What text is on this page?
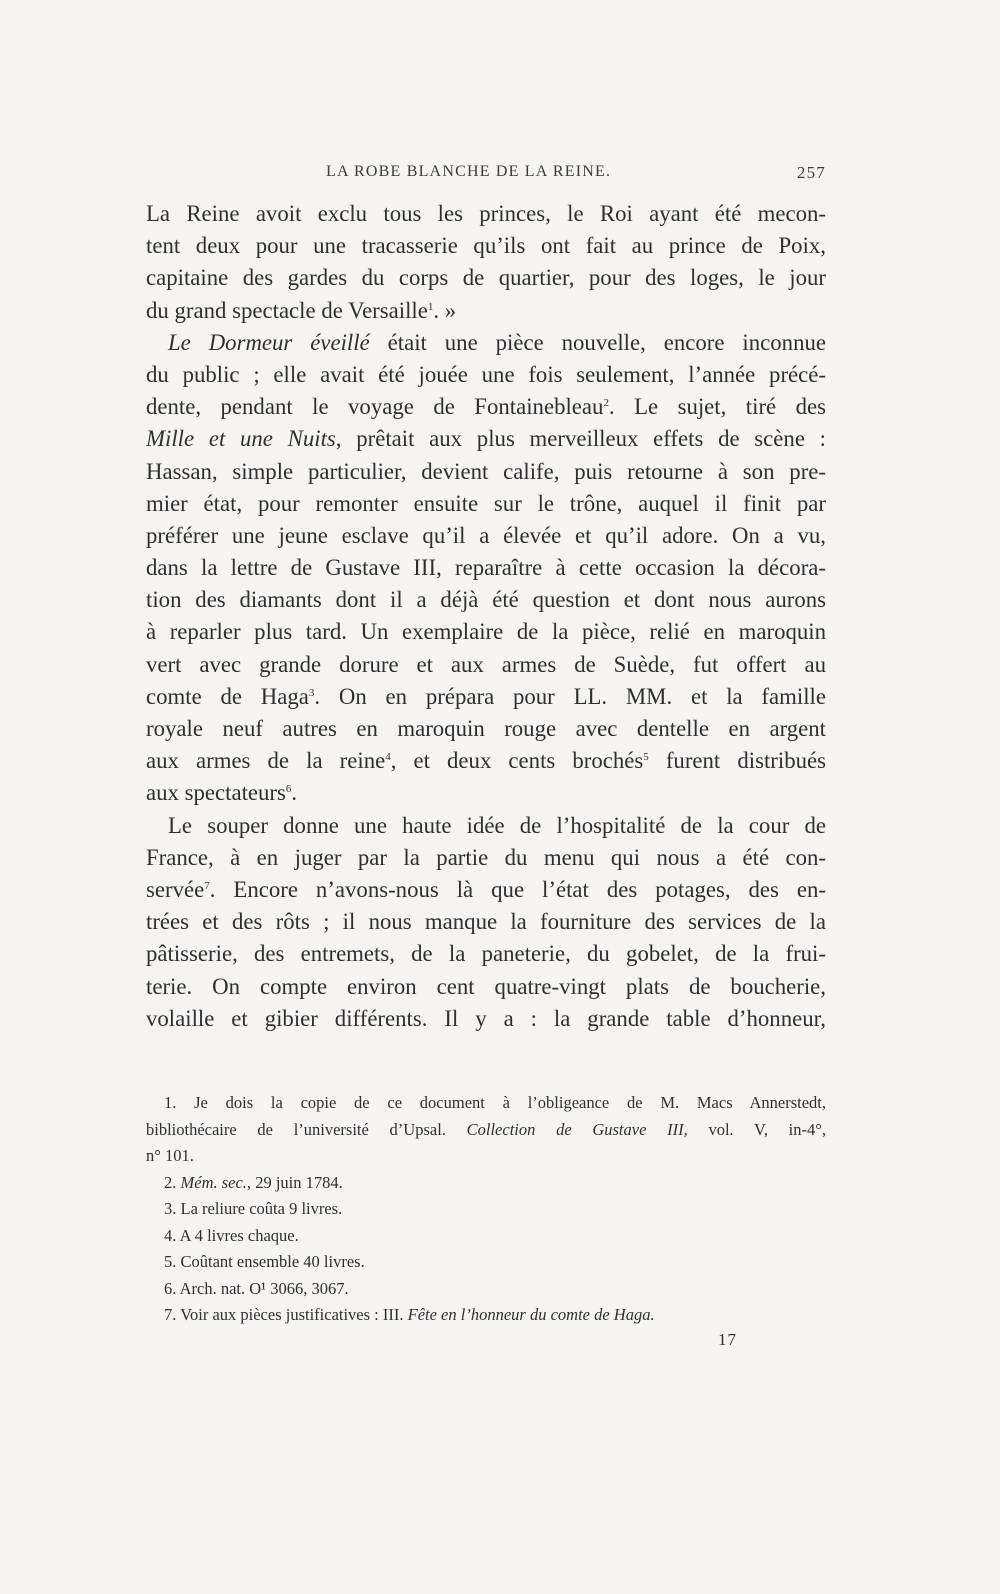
LA ROBE BLANCHE DE LA REINE.	257
La Reine avoit exclu tous les princes, le Roi ayant été mecon-
tent deux pour une tracasserie qu’ils ont fait au prince de Poix,
capitaine des gardes du corps de quartier, pour des loges, le jour
du grand spectacle de Versaille$^1$. »
Le Dormeur éveillé était une pièce nouvelle, encore inconnue
du public ; elle avait été jouée une fois seulement, l’année précé-
dente, pendant le voyage de Fontainebleau$^2$. Le sujet, tiré des
Mille et une Nuits, prêtait aux plus merveilleux effets de scène :
Hassan, simple particulier, devient calife, puis retourne à son pre-
mier état, pour remonter ensuite sur le trône, auquel il finit par
préférer une jeune esclave qu’il a élevée et qu’il adore. On a vu,
dans la lettre de Gustave III, reparaître à cette occasion la décora-
tion des diamants dont il a déjà été question et dont nous aurons
à reparler plus tard. Un exemplaire de la pièce, relié en maroquin
vert avec grande dorure et aux armes de Suède, fut offert au
comte de Haga$^3$. On en prépara pour LL. MM. et la famille
royale neuf autres en maroquin rouge avec dentelle en argent
aux armes de la reine$^4$, et deux cents brochés$^5$ furent distribués
aux spectateurs$^6$.
Le souper donne une haute idée de l’hospitalité de la cour de
France, à en juger par la partie du menu qui nous a été con-
servée$^7$. Encore n’avons-nous là que l’état des potages, des en-
trées et des rôts ; il nous manque la fourniture des services de la
pâtisserie, des entremets, de la paneterie, du gobelet, de la frui-
terie. On compte environ cent quatre-vingt plats de boucherie,
volaille et gibier différents. Il y a : la grande table d’honneur,
1. Je dois la copie de ce document à l’obligeance de M. Macs Annerstedt,
bibliothécaire de l’université d’Upsal. Collection de Gustave III, vol. V, in-4°,
n° 101.
2. Mém. sec., 29 juin 1784.
3. La reliure coûta 9 livres.
4. A 4 livres chaque.
5. Coûtant ensemble 40 livres.
6. Arch. nat. O¹ 3066, 3067.
7. Voir aux pièces justificatives : III. Fête en l’honneur du comte de Haga.
17
